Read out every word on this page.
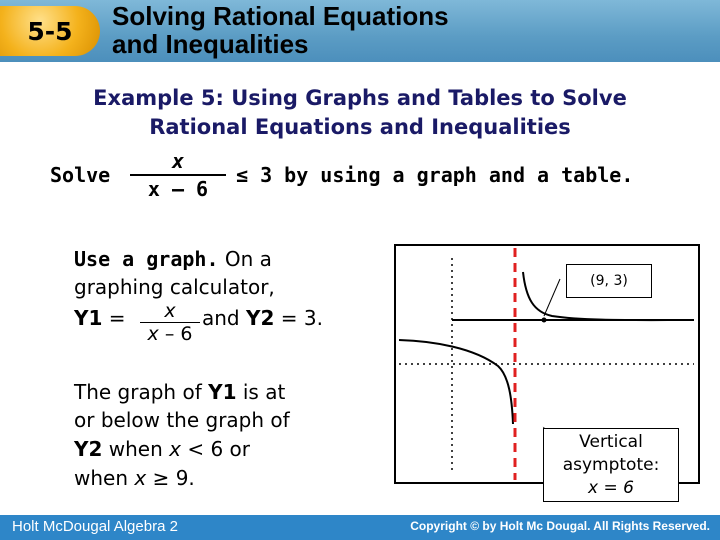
5-5 Solving Rational Equations
and Inequalities
Example 5: Using Graphs and Tables to Solve
Rational Equations and Inequalities
Solve
x
x – 6
≤ 3 by using a graph and a table.
Use a graph. On a
graphing calculator,
Y1 =	x
x – 6
and Y2 = 3.
The graph of Y1 is at
or below the graph of
Y2 when x < 6 or
when x ≥ 9.
(9, 3)
Vertical
asymptote:
x = 6
Holt McDougal Algebra 2	Copyright © by Holt Mc Dougal. All Rights Reserved.
